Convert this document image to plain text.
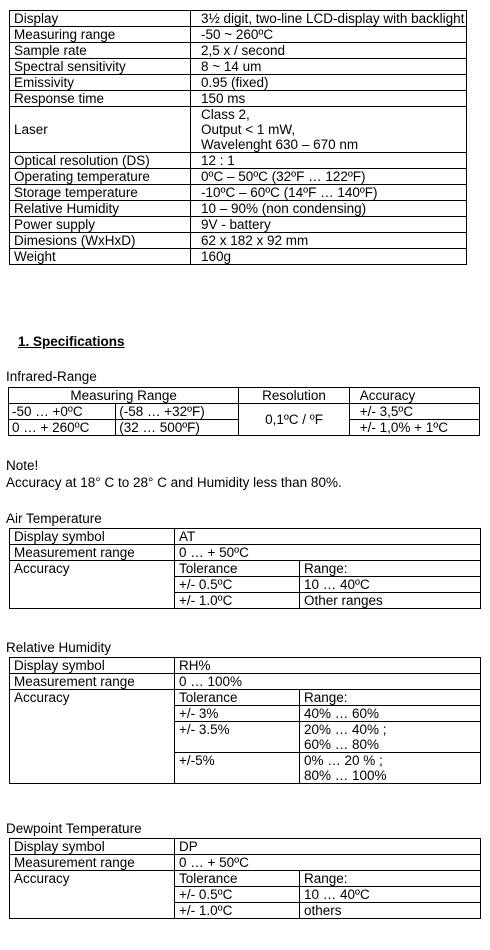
Display	3½ digit, two-line LCD-display with backlight
Measuring range	-50 ~ 260ºC
Sample rate	2,5 x / second
Spectral sensitivity	8 ~ 14 um
Emissivity	0.95 (fixed)
Response time	150 ms
Laser	Class 2,
Output < 1 mW,
Wavelenght 630 – 670 nm

Optical resolution (DS)	12 : 1
Operating temperature	0ºC – 50ºC (32ºF … 122ºF)
Storage temperature	-10ºC – 60ºC (14ºF … 140ºF)
Relative Humidity	10 – 90% (non condensing)
Power supply	9V - battery
Dimesions (WxHxD)	62 x 182 x 92 mm
Weight	160g
1. Specifications
Infrared-Range
Measuring Range		Resolution	Accuracy
-50 … +0ºC	(-58 … +32ºF)	0,1ºC / ºF	+/- 3,5ºC
0 … + 260ºC	(32 … 500ºF)		+/- 1,0% + 1ºC
Note!
Accuracy at 18° C to 28° C and Humidity less than 80%.
Air Temperature
Display symbol	AT
Measurement range	0 … + 50ºC
Accuracy		Tolerance	Range:
+/- 0.5ºC	10 … 40ºC
+/- 1.0ºC	Other ranges
Relative Humidity
Display symbol	RH%
Measurement range	0 … 100%
Accuracy		Tolerance	Range:
+/- 3%	40% … 60%
+/- 3.5%	20% … 40% ;
60% … 80%

+/-5%	0% … 20 % ;
80% … 100%
Dewpoint Temperature
Display symbol	DP
Measurement range	0 … + 50ºC
Accuracy		Tolerance	Range:
+/- 0.5ºC	10 … 40ºC
+/- 1.0ºC	others
